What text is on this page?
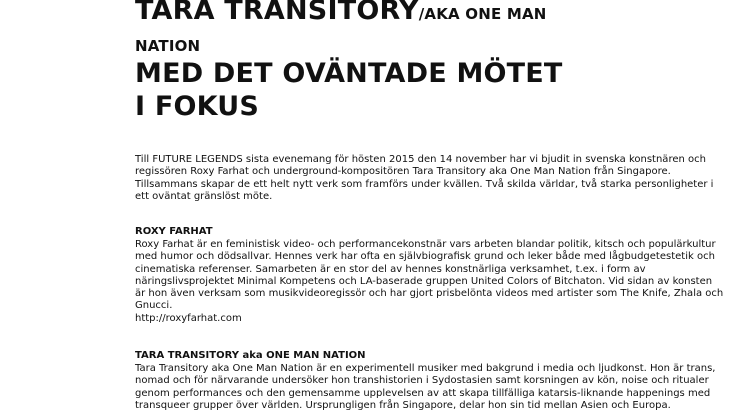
TARA TRANSITORY/AKA ONE MAN
NATION
MED DET OVÄNTADE MÖTET
I FOKUS

Till FUTURE LEGENDS sista evenemang för hösten 2015 den 14 november har vi bjudit in svenska konstnären och regissören Roxy Farhat och underground-kompositören Tara Transitory aka One Man Nation från Singapore. Tillsammans skapar de ett helt nytt verk som framförs under kvällen. Två skilda världar, två starka personligheter i ett oväntat gränslöst möte.

ROXY FARHAT

Roxy Farhat är en feministisk video- och performancekonstnär vars arbeten blandar politik, kitsch och populärkultur med humor och dödsallvar. Hennes verk har ofta en självbiografisk grund och leker både med lågbudgetestetik och cinematiska referenser. Samarbeten är en stor del av hennes konstnärliga verksamhet, t.ex. i form av näringslivsprojektet Minimal Kompetens och LA-baserade gruppen United Colors of Bitchaton. Vid sidan av konsten är hon även verksam som musikvideoregissör och har gjort prisbelönta videos med artister som The Knife, Zhala och Gnucci.

http://roxyfarhat.com

TARA TRANSITORY aka ONE MAN NATION

Tara Transitory aka One Man Nation är en experimentell musiker med bakgrund i media och ljudkonst. Hon är trans, nomad och för närvarande undersöker hon transhistorien i Sydostasien samt korsningen av kön, noise och ritualer genom performances och den gemensamme upplevelsen av att skapa tillfälliga katarsis-liknande happenings med transqueer grupper över världen. Ursprungligen från Singapore, delar hon sin tid mellan Asien och Europa.
